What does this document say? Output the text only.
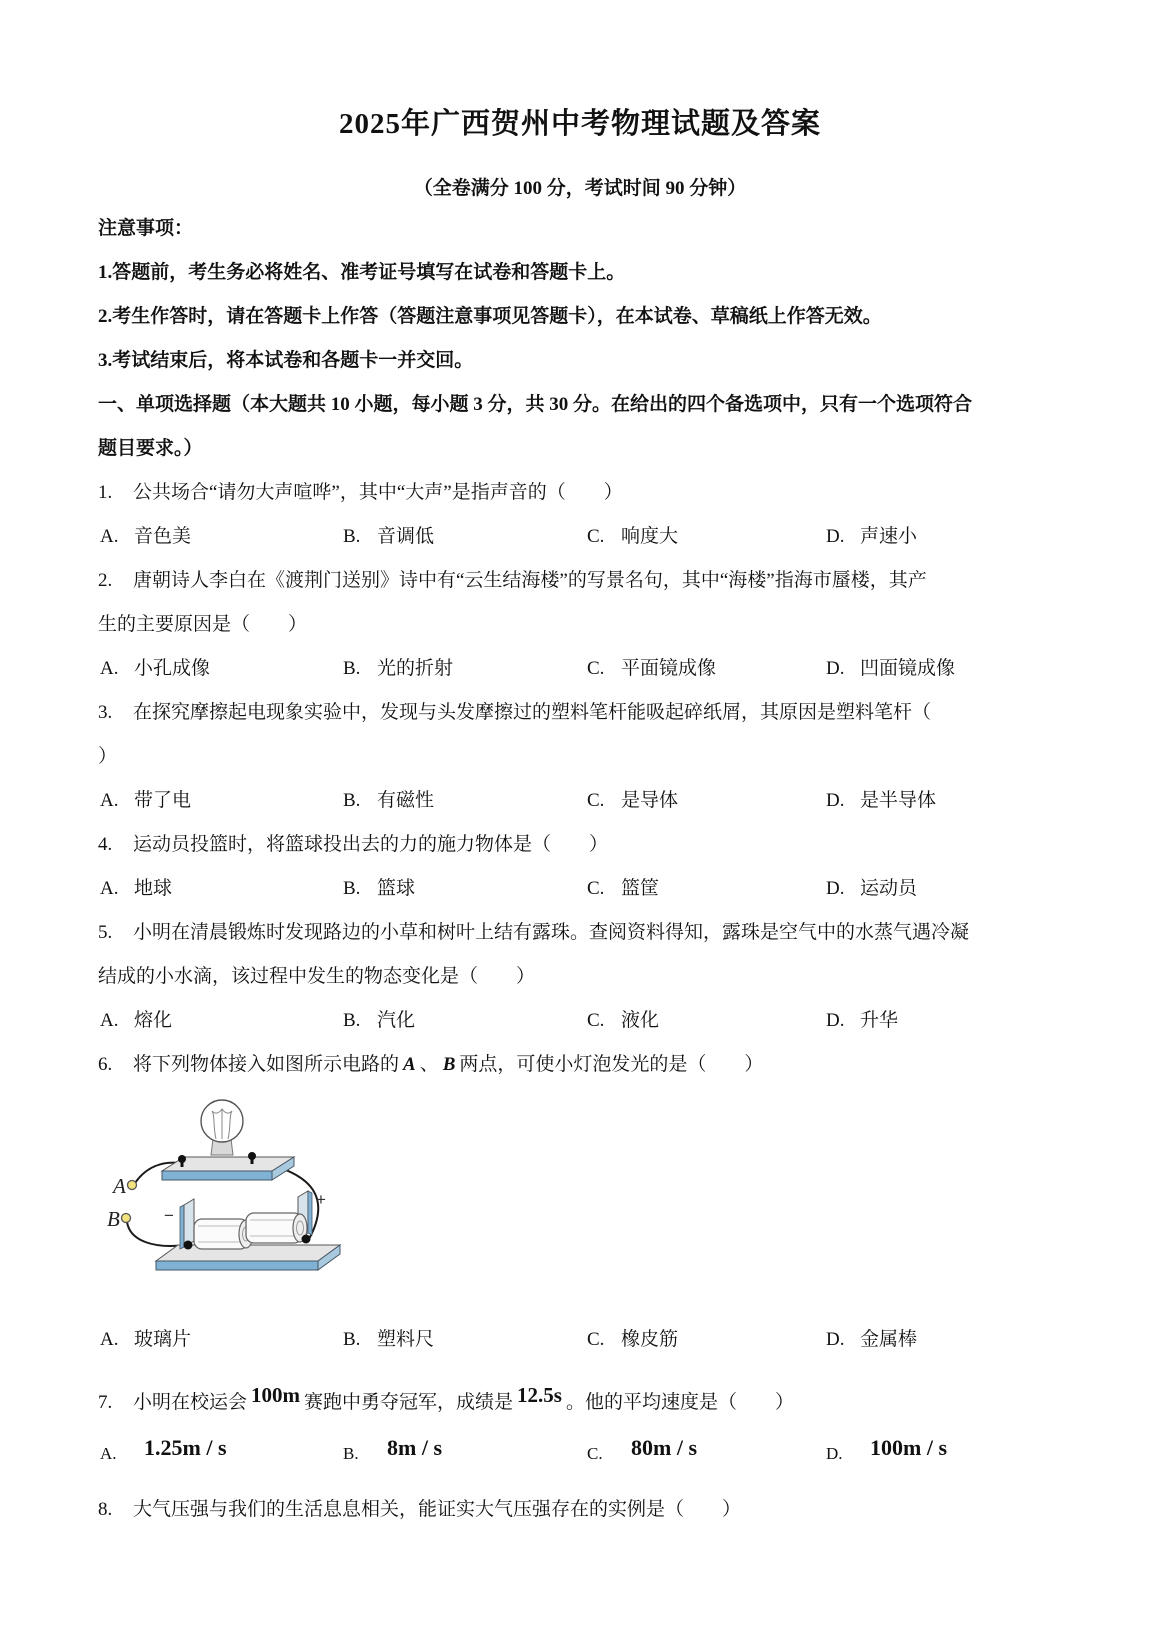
2025年广西贺州中考物理试题及答案
（全卷满分 100 分，考试时间 90 分钟）
注意事项：
1.答题前，考生务必将姓名、准考证号填写在试卷和答题卡上。
2.考生作答时，请在答题卡上作答（答题注意事项见答题卡），在本试卷、草稿纸上作答无效。
3.考试结束后，将本试卷和各题卡一并交回。
一、单项选择题（本大题共 10 小题，每小题 3 分，共 30 分。在给出的四个备选项中，只有一个选项符合
题目要求。）
1. 公共场合“请勿大声喧哗”，其中“大声”是指声音的（　　）
A. 音色美	B. 音调低	C. 响度大	D. 声速小
2. 唐朝诗人李白在《渡荆门送别》诗中有“云生结海楼”的写景名句，其中“海楼”指海市蜃楼，其产
生的主要原因是（　　）
A. 小孔成像	B. 光的折射	C. 平面镜成像	D. 凹面镜成像
3. 在探究摩擦起电现象实验中，发现与头发摩擦过的塑料笔杆能吸起碎纸屑，其原因是塑料笔杆（
）
A. 带了电	B. 有磁性	C. 是导体	D. 是半导体
4. 运动员投篮时，将篮球投出去的力的施力物体是（　　）
A. 地球	B. 篮球	C. 篮筐	D. 运动员
5. 小明在清晨锻炼时发现路边的小草和树叶上结有露珠。查阅资料得知，露珠是空气中的水蒸气遇冷凝
结成的小水滴，该过程中发生的物态变化是（　　）
A. 熔化	B. 汽化	C. 液化	D. 升华
6. 将下列物体接入如图所示电路的 A 、 B 两点，可使小灯泡发光的是（　　）
−
+
A
B
A. 玻璃片	B. 塑料尺	C. 橡皮筋	D. 金属棒
7. 小明在校运会 100m 赛跑中勇夺冠军，成绩是 12.5s 。他的平均速度是（　　）
A. 1.25m / s	B. 8m / s	C. 80m / s	D. 100m / s
8. 大气压强与我们的生活息息相关，能证实大气压强存在的实例是（　　）
